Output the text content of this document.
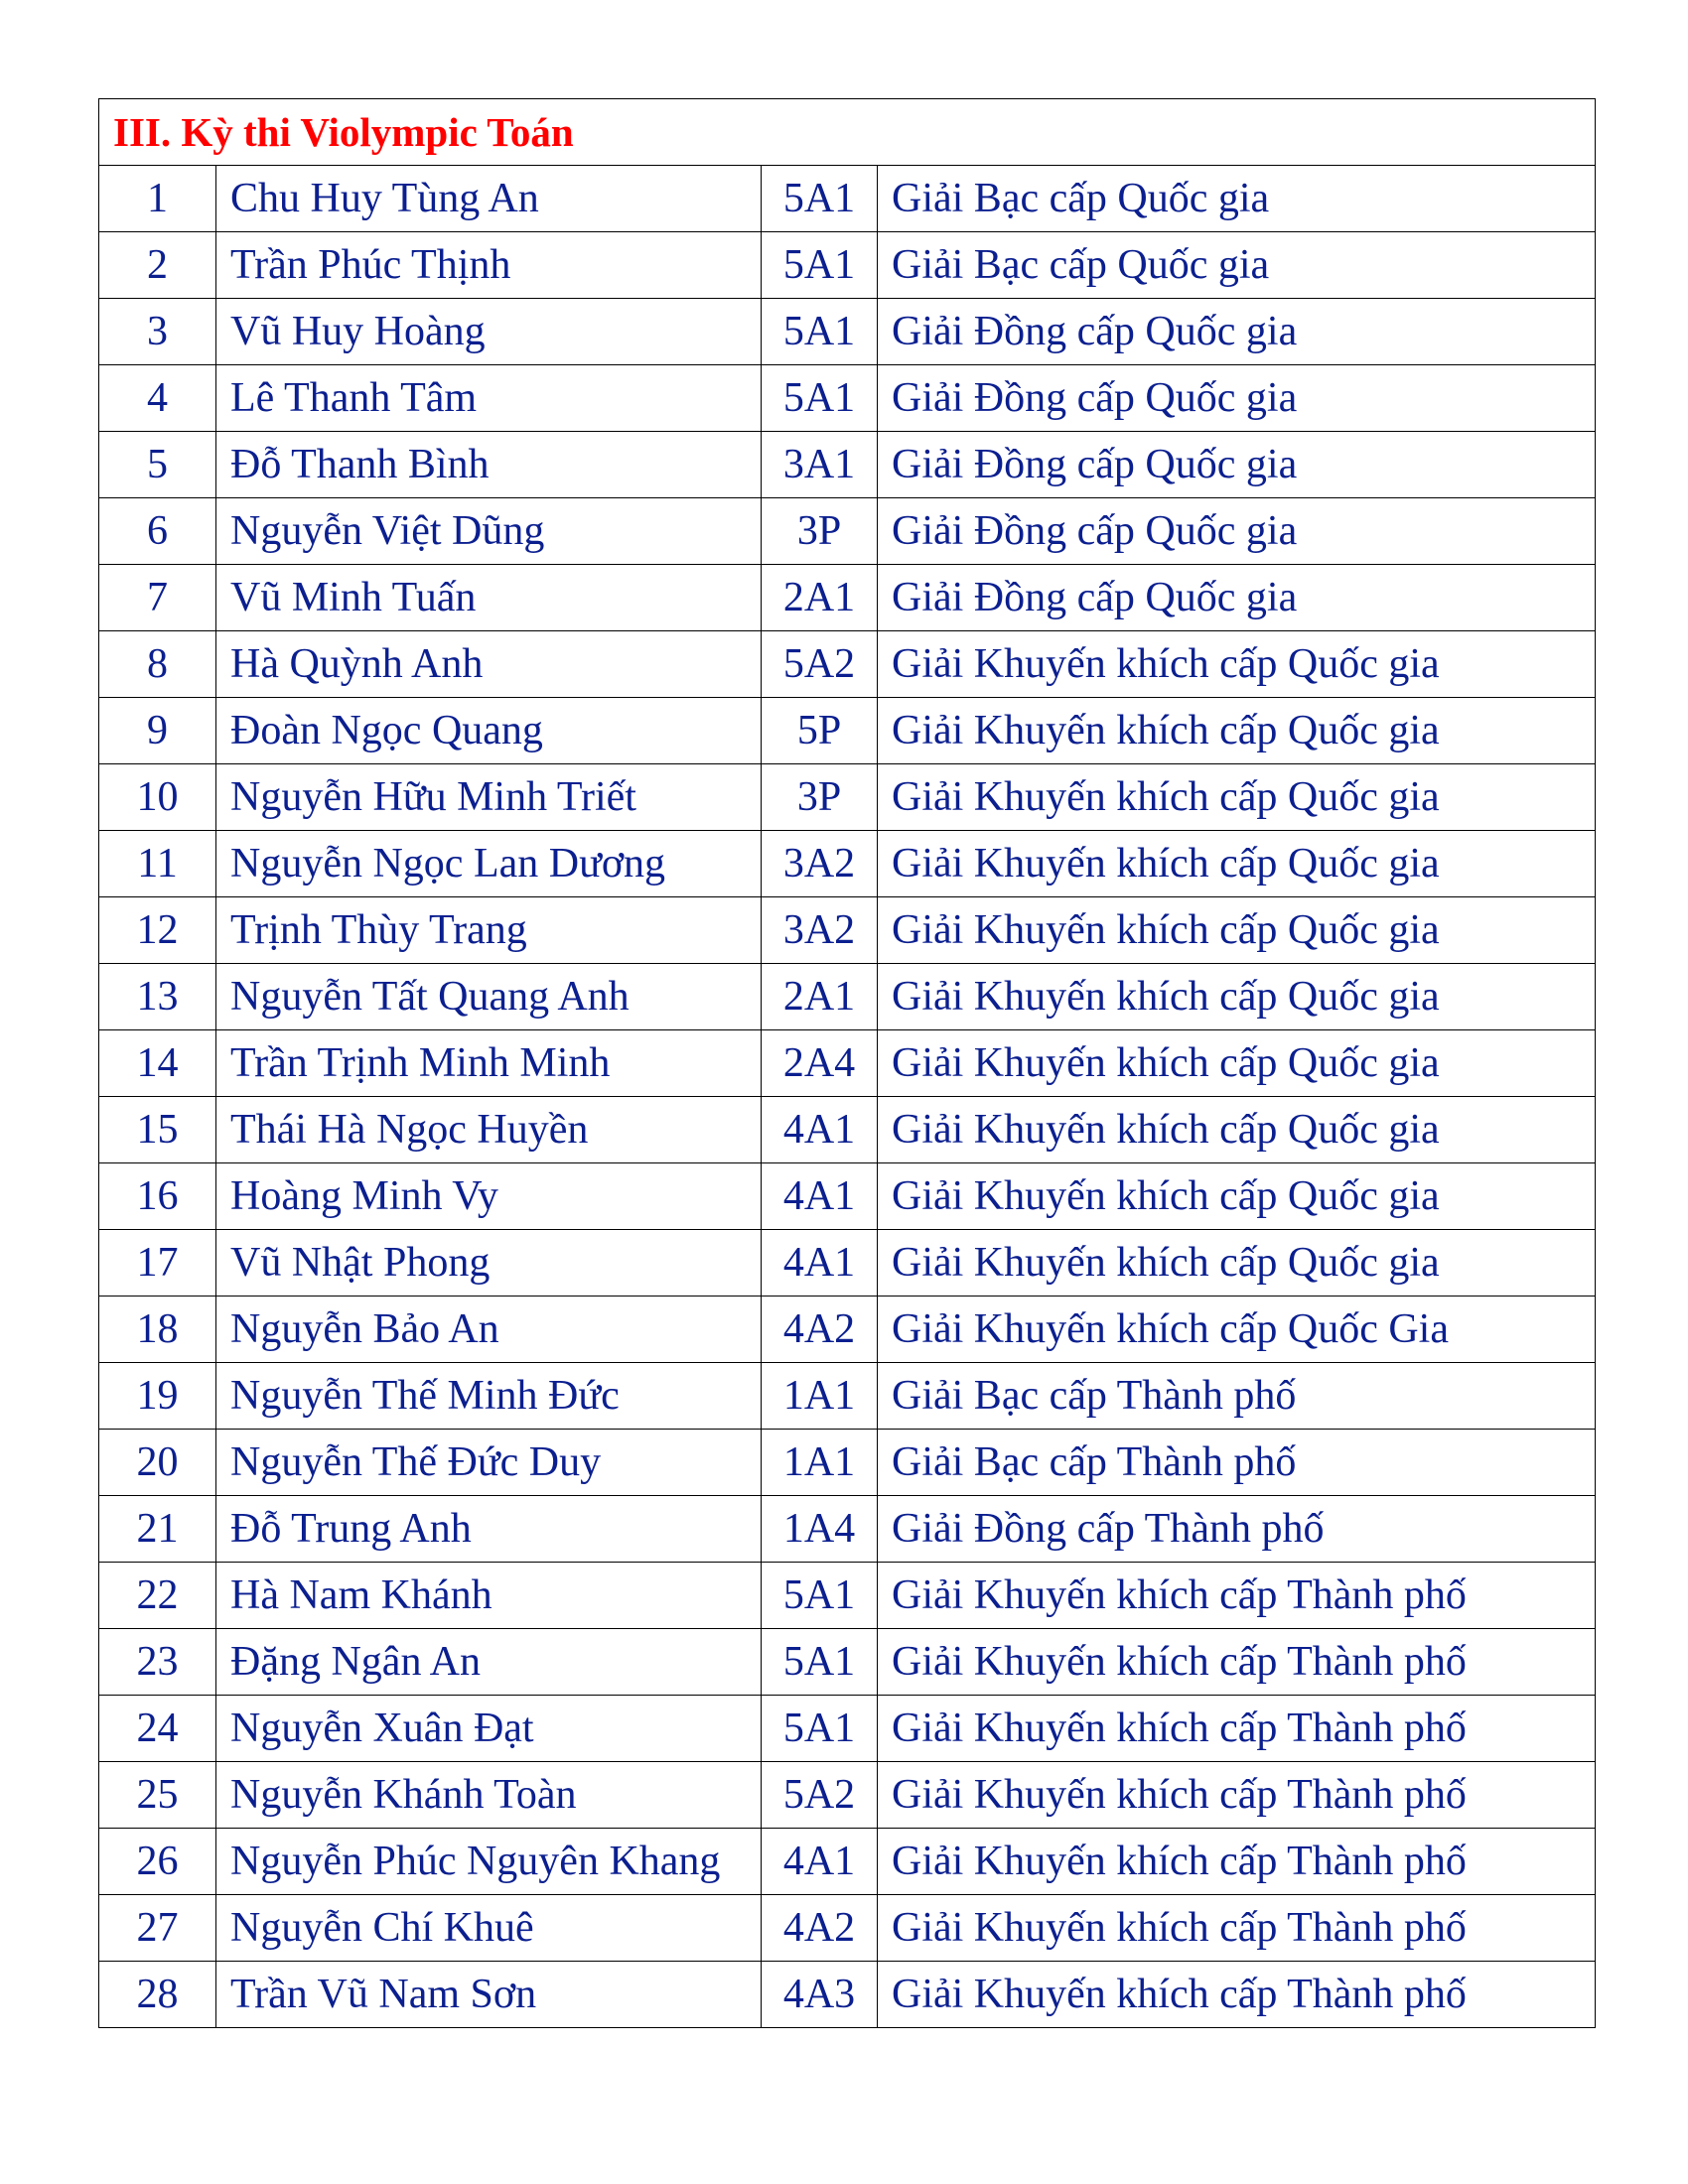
III. Kỳ thi Violympic Toán			
1	Chu Huy Tùng An	5A1	Giải Bạc cấp Quốc gia
2	Trần Phúc Thịnh	5A1	Giải Bạc cấp Quốc gia
3	Vũ Huy Hoàng	5A1	Giải Đồng cấp Quốc gia
4	Lê Thanh Tâm	5A1	Giải Đồng cấp Quốc gia
5	Đỗ Thanh Bình	3A1	Giải Đồng cấp Quốc gia
6	Nguyễn Việt Dũng	3P	Giải Đồng cấp Quốc gia
7	Vũ Minh Tuấn	2A1	Giải Đồng cấp Quốc gia
8	Hà Quỳnh Anh	5A2	Giải Khuyến khích cấp Quốc gia
9	Đoàn Ngọc Quang	5P	Giải Khuyến khích cấp Quốc gia
10	Nguyễn Hữu Minh Triết	3P	Giải Khuyến khích cấp Quốc gia
11	Nguyễn Ngọc Lan Dương	3A2	Giải Khuyến khích cấp Quốc gia
12	Trịnh Thùy Trang	3A2	Giải Khuyến khích cấp Quốc gia
13	Nguyễn Tất Quang Anh	2A1	Giải Khuyến khích cấp Quốc gia
14	Trần Trịnh Minh Minh	2A4	Giải Khuyến khích cấp Quốc gia
15	Thái Hà Ngọc Huyền	4A1	Giải Khuyến khích cấp Quốc gia
16	Hoàng Minh Vy	4A1	Giải Khuyến khích cấp Quốc gia
17	Vũ Nhật Phong	4A1	Giải Khuyến khích cấp Quốc gia
18	Nguyễn Bảo An	4A2	Giải Khuyến khích cấp Quốc Gia
19	Nguyễn Thế Minh Đức	1A1	Giải Bạc cấp Thành phố
20	Nguyễn Thế Đức Duy	1A1	Giải Bạc cấp Thành phố
21	Đỗ Trung Anh	1A4	Giải Đồng cấp Thành phố
22	Hà Nam Khánh	5A1	Giải Khuyến khích cấp Thành phố
23	Đặng Ngân An	5A1	Giải Khuyến khích cấp Thành phố
24	Nguyễn Xuân Đạt	5A1	Giải Khuyến khích cấp Thành phố
25	Nguyễn Khánh Toàn	5A2	Giải Khuyến khích cấp Thành phố
26	Nguyễn Phúc Nguyên Khang	4A1	Giải Khuyến khích cấp Thành phố
27	Nguyễn Chí Khuê	4A2	Giải Khuyến khích cấp Thành phố
28	Trần Vũ Nam Sơn	4A3	Giải Khuyến khích cấp Thành phố
